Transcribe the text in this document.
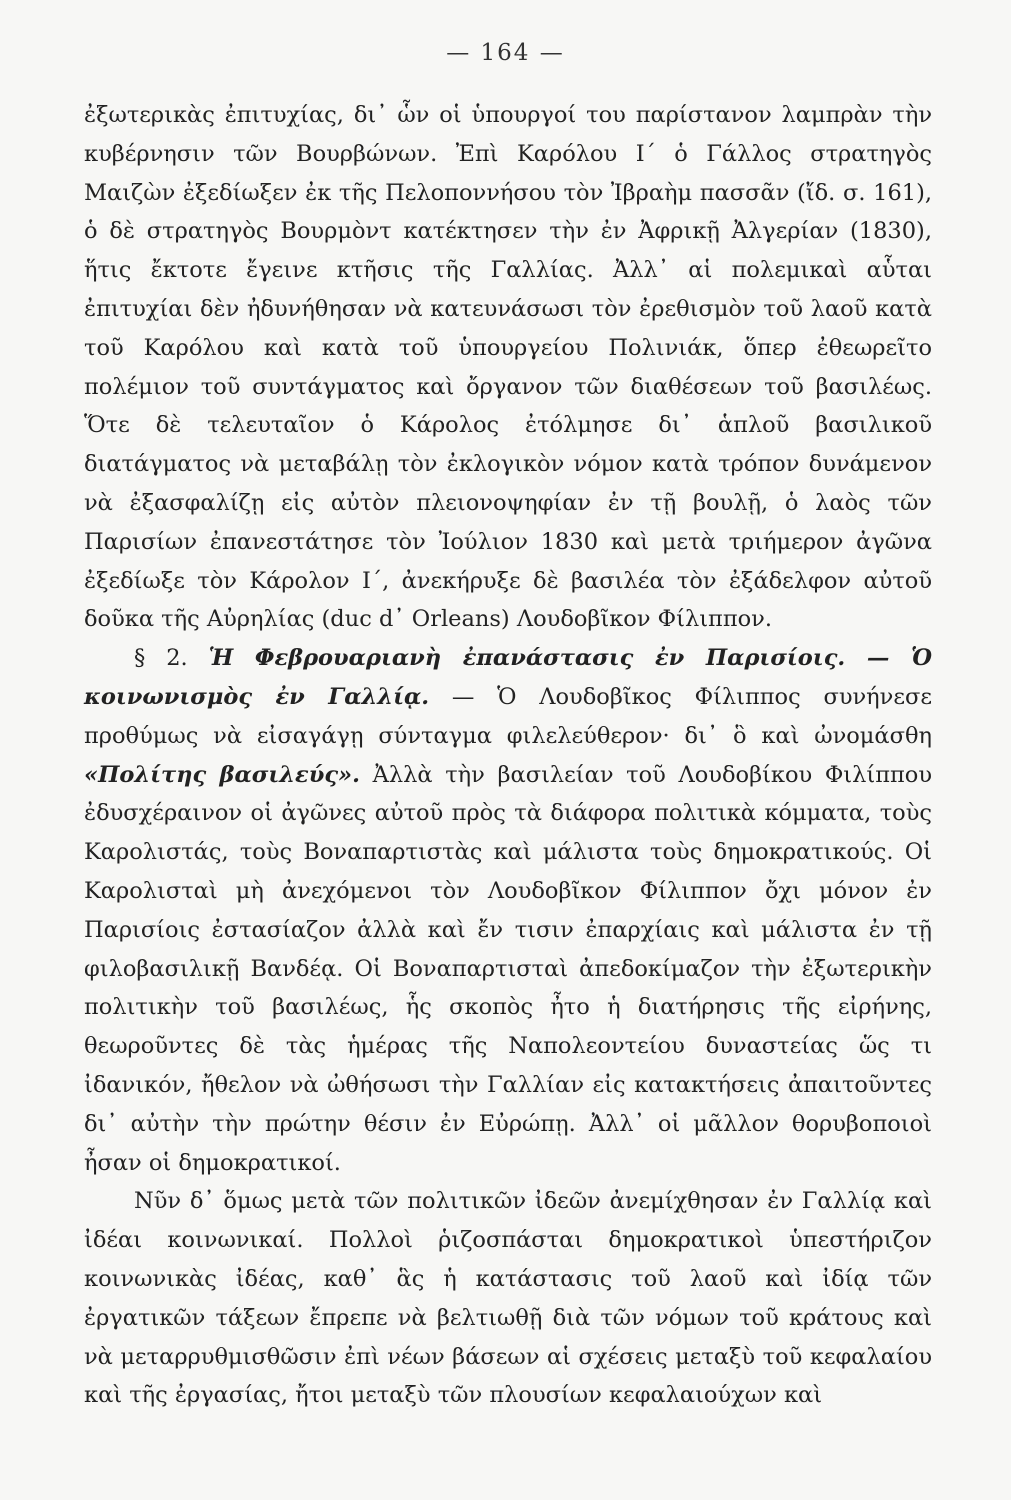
— 164 —

ἐξωτερικὰς ἐπιτυχίας, δι᾽ ὧν οἱ ὑπουργοί του παρίστανον λαμπρὰν τὴν κυβέρνησιν τῶν Βουρβώνων. Ἐπὶ Καρόλου Ι΄ ὁ Γάλλος στρατηγὸς Μαιζὼν ἐξεδίωξεν ἐκ τῆς Πελοποννήσου τὸν Ἰβραὴμ πασσᾶν (ἴδ. σ. 161), ὁ δὲ στρατηγὸς Βουρμὸντ κατέκτησεν τὴν ἐν Ἀφρικῇ Ἀλγερίαν (1830), ἥτις ἔκτοτε ἔγεινε κτῆσις τῆς Γαλλίας. Ἀλλ᾽ αἱ πολεμικαὶ αὗται ἐπιτυχίαι δὲν ἠδυνήθησαν νὰ κατευνάσωσι τὸν ἐρεθισμὸν τοῦ λαοῦ κατὰ τοῦ Καρόλου καὶ κατὰ τοῦ ὑπουργείου Πολινιάκ, ὅπερ ἐθεωρεῖτο πολέμιον τοῦ συντάγματος καὶ ὄργανον τῶν διαθέσεων τοῦ βασιλέως. Ὅτε δὲ τελευταῖον ὁ Κάρολος ἐτόλμησε δι᾽ ἁπλοῦ βασιλικοῦ διατάγματος νὰ μεταβάλῃ τὸν ἐκλογικὸν νόμον κατὰ τρόπον δυνάμενον νὰ ἐξασφαλίζῃ εἰς αὐτὸν πλειονοψηφίαν ἐν τῇ βουλῇ, ὁ λαὸς τῶν Παρισίων ἐπανεστάτησε τὸν Ἰούλιον 1830 καὶ μετὰ τριήμερον ἀγῶνα ἐξεδίωξε τὸν Κάρολον Ι΄, ἀνεκήρυξε δὲ βασιλέα τὸν ἐξάδελφον αὐτοῦ δοῦκα τῆς Αὐρηλίας (duc d᾽ Orleans) Λουδοβῖκον Φίλιππον.

§ 2. Ἡ Φεβρουαριανὴ ἐπανάστασις ἐν Παρισίοις. — Ὁ κοινωνισμὸς ἐν Γαλλίᾳ. — Ὁ Λουδοβῖκος Φίλιππος συνήνεσε προθύμως νὰ εἰσαγάγῃ σύνταγμα φιλελεύθερον· δι᾽ ὃ καὶ ὠνομάσθη «Πολίτης βασιλεύς». Ἀλλὰ τὴν βασιλείαν τοῦ Λουδοβίκου Φιλίππου ἐδυσχέραινον οἱ ἀγῶνες αὐτοῦ πρὸς τὰ διάφορα πολιτικὰ κόμματα, τοὺς Καρολιστάς, τοὺς Βοναπαρτιστὰς καὶ μάλιστα τοὺς δημοκρατικούς. Οἱ Καρολισταὶ μὴ ἀνεχόμενοι τὸν Λουδοβῖκον Φίλιππον ὄχι μόνον ἐν Παρισίοις ἐστασίαζον ἀλλὰ καὶ ἔν τισιν ἐπαρχίαις καὶ μάλιστα ἐν τῇ φιλοβασιλικῇ Βανδέᾳ. Οἱ Βοναπαρτισταὶ ἀπεδοκίμαζον τὴν ἐξωτερικὴν πολιτικὴν τοῦ βασιλέως, ἧς σκοπὸς ἦτο ἡ διατήρησις τῆς εἰρήνης, θεωροῦντες δὲ τὰς ἡμέρας τῆς Ναπολεοντείου δυναστείας ὥς τι ἰδανικόν, ἤθελον νὰ ὠθήσωσι τὴν Γαλλίαν εἰς κατακτήσεις ἀπαιτοῦντες δι᾽ αὐτὴν τὴν πρώτην θέσιν ἐν Εὐρώπῃ. Ἀλλ᾽ οἱ μᾶλλον θορυβοποιοὶ ἦσαν οἱ δημοκρατικοί.

Νῦν δ᾽ ὅμως μετὰ τῶν πολιτικῶν ἰδεῶν ἀνεμίχθησαν ἐν Γαλλίᾳ καὶ ἰδέαι κοινωνικαί. Πολλοὶ ῥιζοσπάσται δημοκρατικοὶ ὑπεστήριζον κοινωνικὰς ἰδέας, καθ᾽ ἃς ἡ κατάστασις τοῦ λαοῦ καὶ ἰδίᾳ τῶν ἐργατικῶν τάξεων ἔπρεπε νὰ βελτιωθῇ διὰ τῶν νόμων τοῦ κράτους καὶ νὰ μεταρρυθμισθῶσιν ἐπὶ νέων βάσεων αἱ σχέσεις μεταξὺ τοῦ κεφαλαίου καὶ τῆς ἐργασίας, ἤτοι μεταξὺ τῶν πλουσίων κεφαλαιούχων καὶ
